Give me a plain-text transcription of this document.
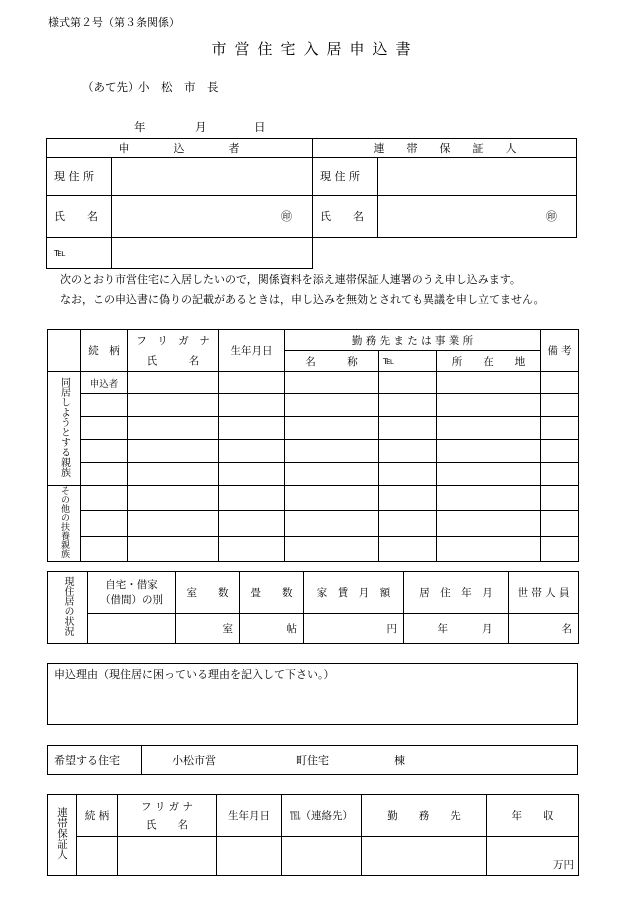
様式第２号（第３条関係）
市営住宅入居申込書
（あて先）
小　松　市　長
年	月	日
申　　　　込　　　　者	連　　帯　　保　　証　　人
現 住 所	現 住 所
氏　　名	氏　　名
㊞	㊞
℡
次のとおり市営住宅に入居したいので，関係資料を添え連帯保証人連署のうえ申し込みます。
なお，この申込書に偽りの記載があるときは，申し込みを無効とされても異議を申し立てません。
	続　柄	フ　リ　ガ　ナ	生年月日	勤 務 先 ま た は 事 業 所			備 考
		氏　　　名		名　　　称	℡	所　　在　　地	
同居しようとする親族	申込者						

その他の扶養親族							

現住居の状況	自宅・借家（借間）の別	室　　数	畳　　数	家　賃　月　額	居　住　年　月	世 帯 人 員
		室	帖	円	年 月	名
申込理由（現住居に困っている理由を記入して下さい。）
希望する住宅	小松市営	町住宅	棟
連帯保証人	続 柄	フ リ ガ ナ
氏　　名	生年月日	℡（連絡先）	勤　　務　　先	年　　収
						万円
